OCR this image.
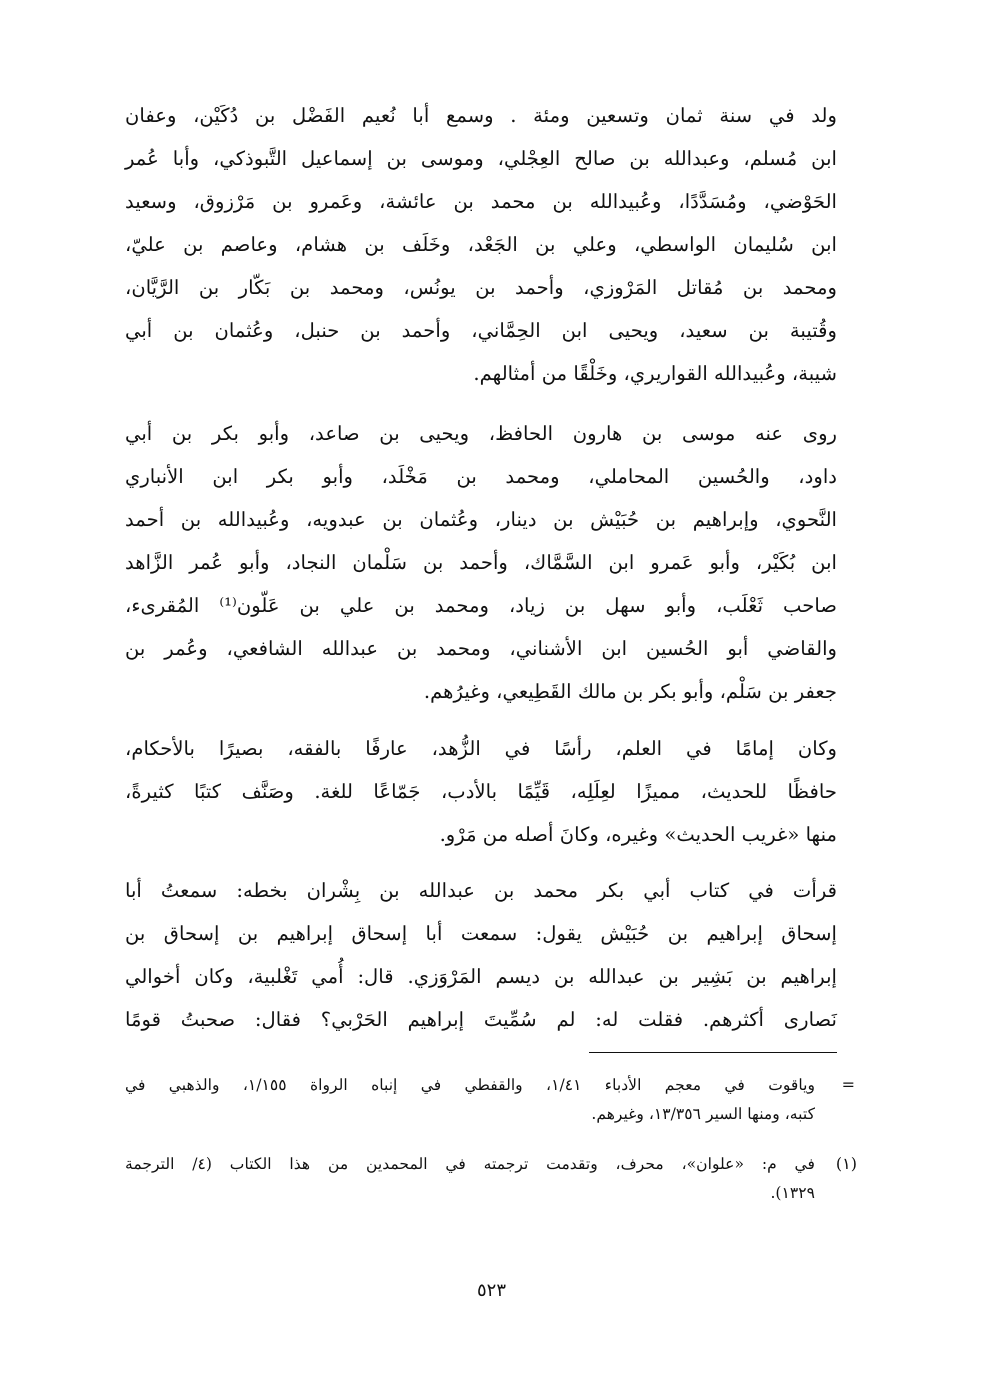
ولد في سنة ثمان وتسعين ومئة . وسمع أبا نُعيم الفَضْل بن دُكَيْن، وعفان
ابن مُسلم، وعبدالله بن صالح العِجْلي، وموسى بن إسماعيل التَّبوذكي، وأبا عُمر
الحَوْضي، ومُسَدَّدًا، وعُبيدالله بن محمد بن عائشة، وعَمرو بن مَرْزوق، وسعيد
ابن سُليمان الواسطي، وعلي بن الجَعْد، وخَلَف بن هشام، وعاصم بن عليّ،
ومحمد بن مُقاتل المَرْوزي، وأحمد بن يونُس، ومحمد بن بَكّار بن الرَّيَّان،
وقُتيبة بن سعيد، ويحيى ابن الحِمَّاني، وأحمد بن حنبل، وعُثمان بن أبي
شيبة، وعُبيدالله القواريري، وخَلْقًا من أمثالهم.
روى عنه موسى بن هارون الحافظ، ويحيى بن صاعد، وأبو بكر بن أبي
داود، والحُسين المحاملي، ومحمد بن مَخْلَد، وأبو بكر ابن الأنباري
النَّحوي، وإبراهيم بن حُبَيْش بن دينار، وعُثمان بن عبدويه، وعُبيدالله بن أحمد
ابن بُكَيْر، وأبو عَمرو ابن السَّمَّاك، وأحمد بن سَلْمان النجاد، وأبو عُمر الزَّاهد
صاحب ثَعْلَب، وأبو سهل بن زياد، ومحمد بن علي بن عَلّون⁽¹⁾ المُقرىء،
والقاضي أبو الحُسين ابن الأشناني، ومحمد بن عبدالله الشافعي، وعُمر بن
جعفر بن سَلْم، وأبو بكر بن مالك القَطِيعي، وغيرُهم.
وكان إمامًا في العلم، رأسًا في الزُّهد، عارفًا بالفقه، بصيرًا بالأحكام،
حافظًا للحديث، مميزًا لعِلَلِه، قَيِّمًا بالأدب، جَمّاعًا للغة. وصَنَّف كتبًا كثيرةً،
منها «غريب الحديث» وغيره، وكانَ أصله من مَرْو.
قرأت في كتاب أبي بكر محمد بن عبدالله بن بِشْران بخطه: سمعتُ أبا
إسحاق إبراهيم بن حُبَيْش يقول: سمعت أبا إسحاق إبراهيم بن إسحاق بن
إبراهيم بن بَشِير بن عبدالله بن ديسم المَرْوَزي. قال: أُمي تَغْلبية، وكان أخوالي
نَصارى أكثرهم. فقلت له: لم سُمِّيتَ إبراهيم الحَرْبي؟ فقال: صحبتُ قومًا
=
وياقوت في معجم الأدباء ١/٤١، والقفطي في إنباه الرواة ١/١٥٥، والذهبي في
كتبه، ومنها السير ١٣/٣٥٦، وغيرهم.
(١)
في م: «علوان»، محرف، وتقدمت ترجمته في المحمدين من هذا الكتاب (٤/ الترجمة
١٣٢٩).
٥٢٣
